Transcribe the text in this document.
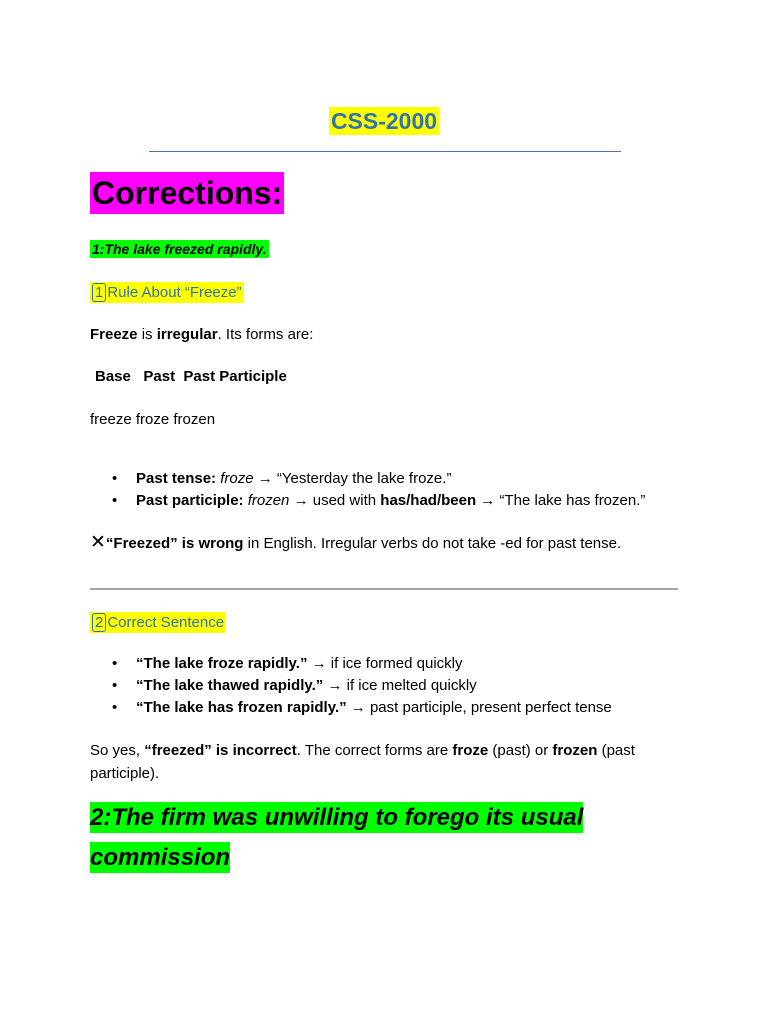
CSS-2000
Corrections:
1:The lake freezed rapidly.
1 Rule About “Freeze”
Freeze is irregular. Its forms are:
Base Past Past Participle
freeze froze frozen
• Past tense: froze → “Yesterday the lake froze.”
• Past participle: frozen → used with has/had/been → “The lake has frozen.”
✕“Freezed” is wrong in English. Irregular verbs do not take -ed for past tense.
2 Correct Sentence
• “The lake froze rapidly.” → if ice formed quickly
• “The lake thawed rapidly.” → if ice melted quickly
• “The lake has frozen rapidly.” → past participle, present perfect tense
So yes, “freezed” is incorrect. The correct forms are froze (past) or frozen (past
participle).
2:The firm was unwilling to forego its usual commission
